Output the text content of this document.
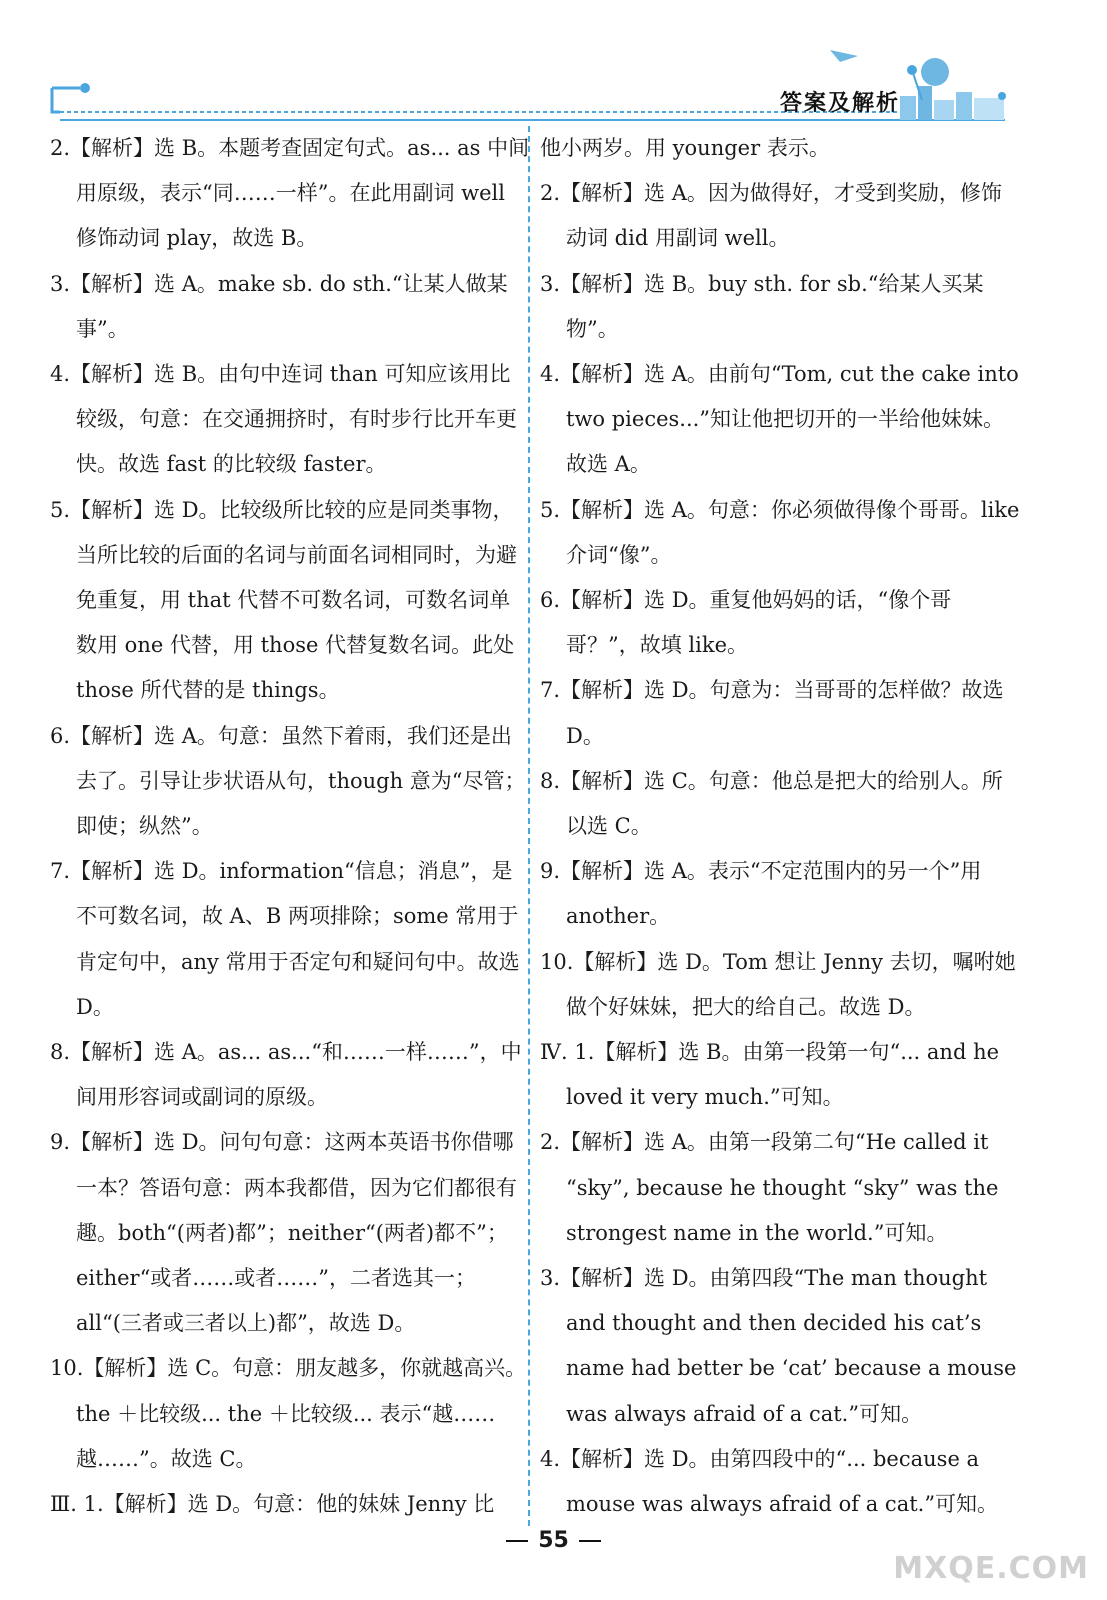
答案及解析

2.【解析】选 B。本题考查固定句式。as... as 中间用原级，表示“同……一样”。在此用副词 well 修饰动词 play，故选 B。

3.【解析】选 A。make sb. do sth.“让某人做某事”。

4.【解析】选 B。由句中连词 than 可知应该用比较级，句意：在交通拥挤时，有时步行比开车更快。故选 fast 的比较级 faster。

5.【解析】选 D。比较级所比较的应是同类事物，当所比较的后面的名词与前面名词相同时，为避免重复，用 that 代替不可数名词，可数名词单数用 one 代替，用 those 代替复数名词。此处 those 所代替的是 things。

6.【解析】选 A。句意：虽然下着雨，我们还是出去了。引导让步状语从句，though 意为“尽管；即使；纵然”。

7.【解析】选 D。information“信息；消息”，是不可数名词，故 A、B 两项排除；some 常用于肯定句中，any 常用于否定句和疑问句中。故选 D。

8.【解析】选 A。as... as...“和……一样……”，中间用形容词或副词的原级。

9.【解析】选 D。问句句意：这两本英语书你借哪一本？答语句意：两本我都借，因为它们都很有趣。both“(两者)都”；neither“(两者)都不”；either“或者……或者……”，二者选其一；all“(三者或三者以上)都”，故选 D。

10.【解析】选 C。句意：朋友越多，你就越高兴。the ＋比较级... the ＋比较级... 表示“越……越……”。故选 C。

Ⅲ. 1.【解析】选 D。句意：他的妹妹 Jenny 比

他小两岁。用 younger 表示。

2.【解析】选 A。因为做得好，才受到奖励，修饰动词 did 用副词 well。

3.【解析】选 B。buy sth. for sb.“给某人买某物”。

4.【解析】选 A。由前句“Tom, cut the cake into two pieces...”知让他把切开的一半给他妹妹。故选 A。

5.【解析】选 A。句意：你必须做得像个哥哥。like 介词“像”。

6.【解析】选 D。重复他妈妈的话，“像个哥哥？”，故填 like。

7.【解析】选 D。句意为：当哥哥的怎样做？故选 D。

8.【解析】选 C。句意：他总是把大的给别人。所以选 C。

9.【解析】选 A。表示“不定范围内的另一个”用 another。

10.【解析】选 D。Tom 想让 Jenny 去切，嘱咐她做个好妹妹，把大的给自己。故选 D。

Ⅳ. 1.【解析】选 B。由第一段第一句“... and he loved it very much.”可知。

2.【解析】选 A。由第一段第二句“He called it “sky”, because he thought “sky” was the strongest name in the world.”可知。

3.【解析】选 D。由第四段“The man thought and thought and then decided his cat’s name had better be ‘cat’ because a mouse was always afraid of a cat.”可知。

4.【解析】选 D。由第四段中的“... because a mouse was always afraid of a cat.”可知。

55
MXQE.COM
